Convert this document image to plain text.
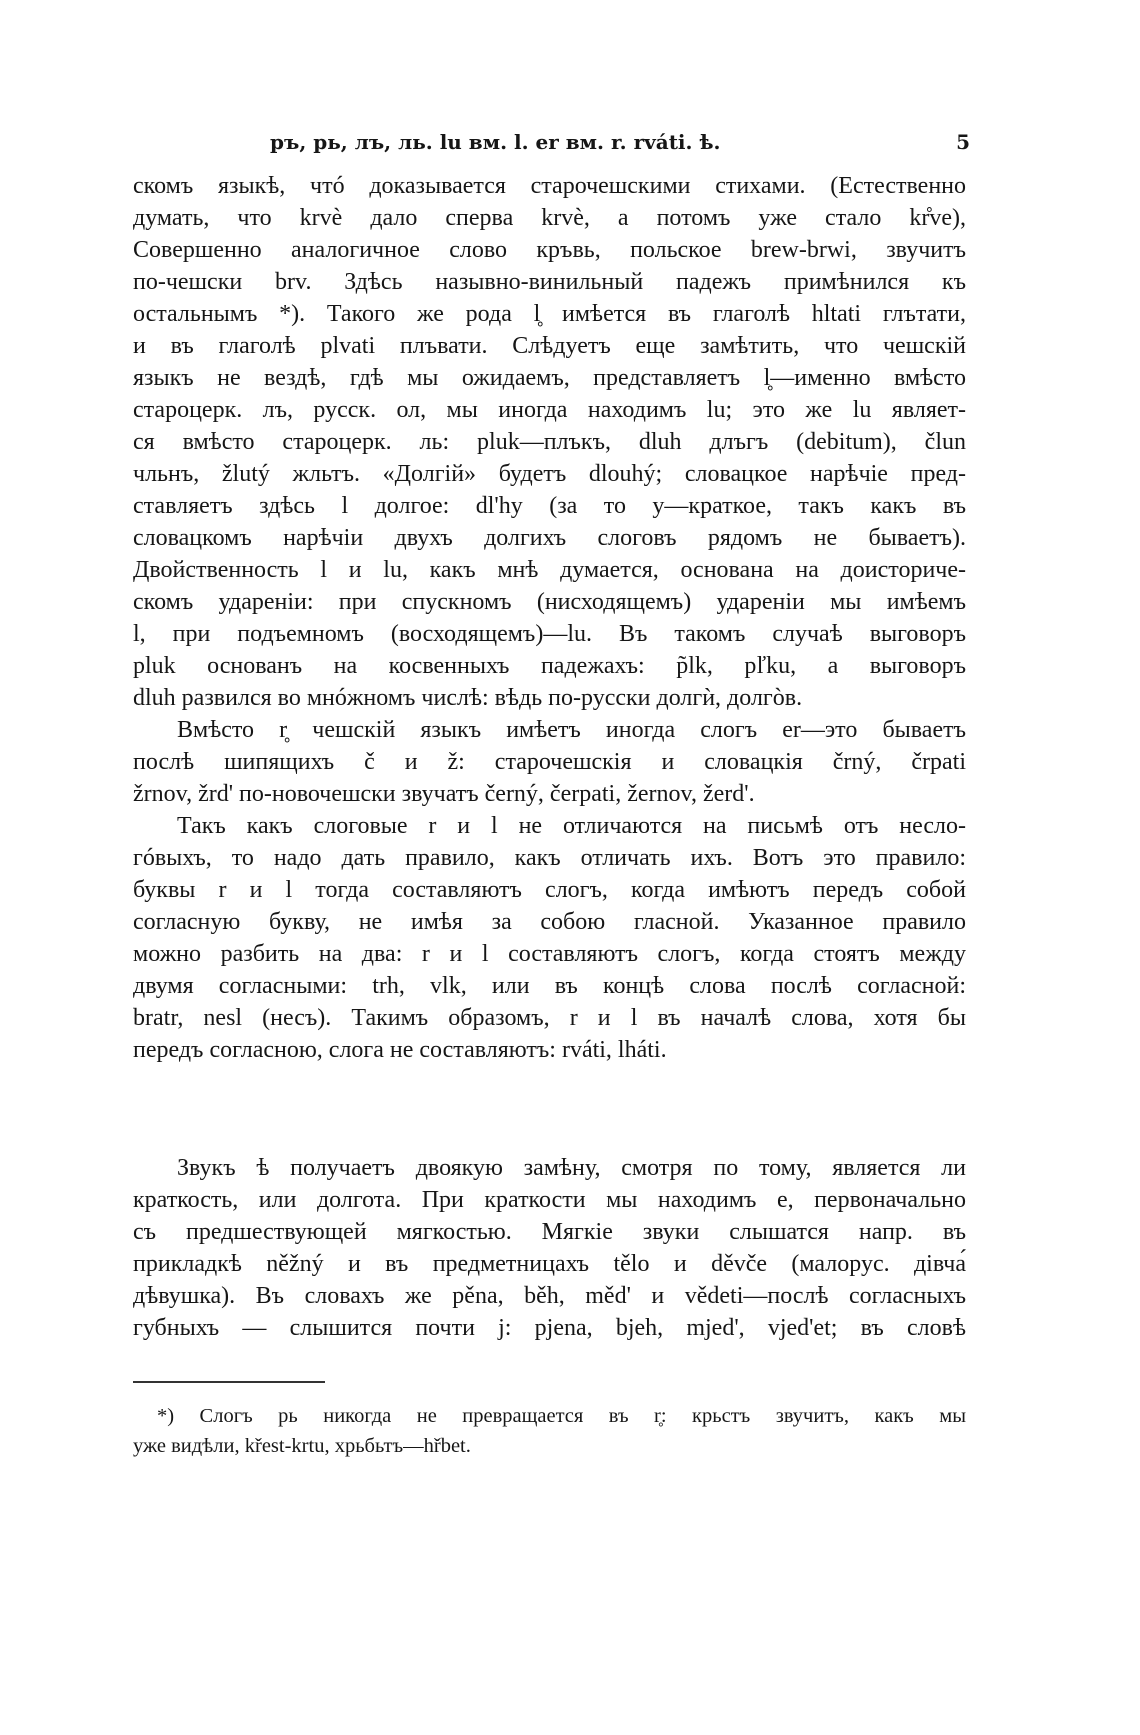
ръ, рь, лъ, ль. lu вм. l. er вм. r. rváti. ѣ.	5
скомъ языкѣ, чтó доказывается старочешскими стихами. (Естественно
думать, что krvè дало сперва krvè, а потомъ уже стало kr̊ve),
Совершенно аналогичное слово кръвь, польское brew-brwi, звучитъ
по-чешски brv. Здѣсь назывно-винильный падежъ примѣнился къ
остальнымъ *). Такого же рода l̥ имѣется въ глаголѣ hltati глътати,
и въ глаголѣ plvati плъвати. Слѣдуетъ еще замѣтить, что чешскій
языкъ не вездѣ, гдѣ мы ожидаемъ, представляетъ l̥—именно вмѣсто
староцерк. лъ, русск. ол, мы иногда находимъ lu; это же lu являет-
ся вмѣсто староцерк. ль: pluk—плъкъ, dluh длъгъ (debitum), člun
чльнъ, žlutý жльтъ. «Долгій» будетъ dlouhý; словацкое нарѣчіе пред-
ставляетъ здѣсь l долгое: dl'hy (за то у—краткое, такъ какъ въ
словацкомъ нарѣчіи двухъ долгихъ слоговъ рядомъ не бываетъ).
Двойственность l и lu, какъ мнѣ думается, основана на доисториче-
скомъ удареніи: при спускномъ (нисходящемъ) удареніи мы имѣемъ
l, при подъемномъ (восходящемъ)—lu. Въ такомъ случаѣ выговоръ
pluk основанъ на косвенныхъ падежахъ: p̃lk, pľku, а выговоръ
dluh развился во мнóжномъ числѣ: вѣдь по-русски долгѝ, долгòв.
Вмѣсто r̥ чешскій языкъ имѣетъ иногда слогъ er—это бываетъ
послѣ шипящихъ č и ž: старочешскія и словацкія črný, črpati
žrnov, žrd' по-новочешски звучатъ černý, čerpati, žernov, žerd'.
Такъ какъ слоговые r и l не отличаются на письмѣ отъ несло-
гóвыхъ, то надо дать правило, какъ отличать ихъ. Вотъ это правило:
буквы r и l тогда составляютъ слогъ, когда имѣютъ передъ собой
согласную букву, не имѣя за собою гласной. Указанное правило
можно разбить на два: r и l составляютъ слогъ, когда стоятъ между
двумя согласными: trh, vlk, или въ концѣ слова послѣ согласной:
bratr, nesl (несъ). Такимъ образомъ, r и l въ началѣ слова, хотя бы
передъ согласною, слога не составляютъ: rváti, lháti.
Звукъ ѣ получаетъ двоякую замѣну, смотря по тому, является ли
краткость, или долгота. При краткости мы находимъ e, первоначально
съ предшествующей мягкостью. Мягкіе звуки слышатся напр. въ
прикладкѣ něžný и въ предметницахъ tělo и děvče (малорус. дівча́
дѣвушка). Въ словахъ же pěna, běh, měd' и vědeti—послѣ согласныхъ
губныхъ — слышится почти j: pjena, bjeh, mjed', vjed'et; въ словѣ
*) Слогъ рь никогда не превращается въ r̥: крьстъ звучитъ, какъ мы
уже видѣли, křest-krtu, хрьбьтъ—hřbet.
